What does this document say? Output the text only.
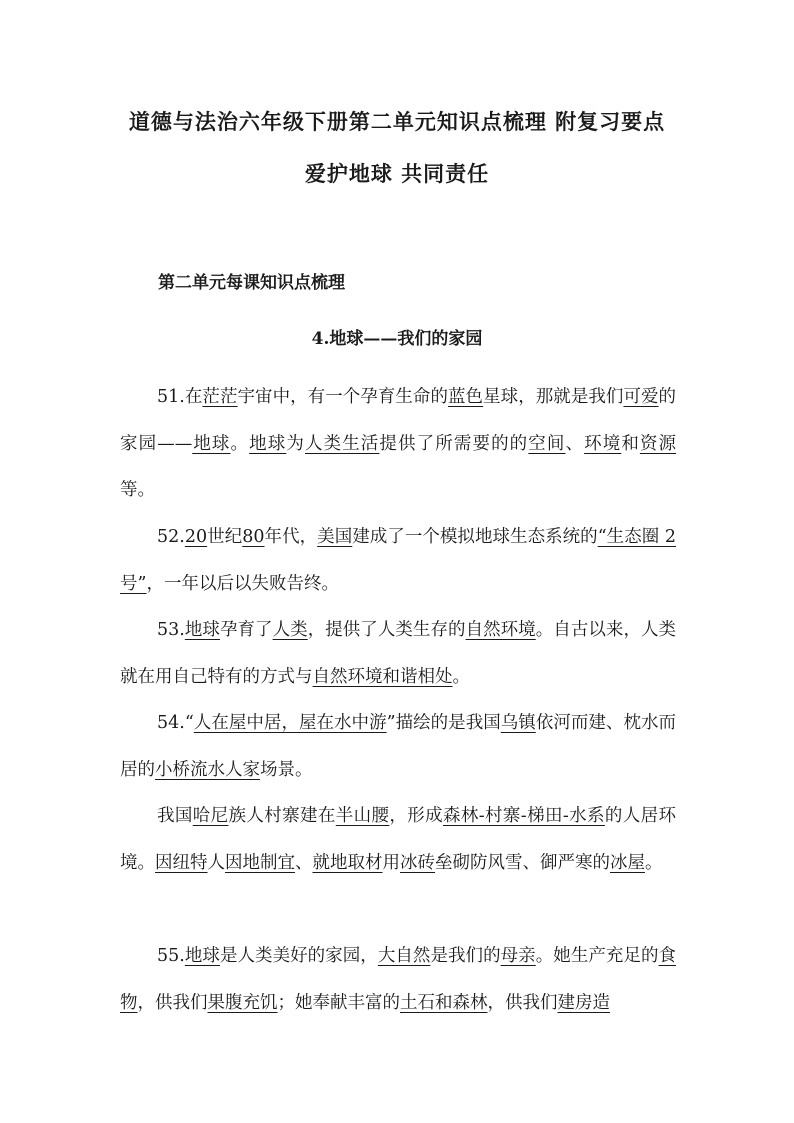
道德与法治六年级下册第二单元知识点梳理 附复习要点
爱护地球 共同责任
第二单元每课知识点梳理
4.地球——我们的家园

51.在茫茫宇宙中，有一个孕育生命的蓝色星球，那就是我们可爱的家园——地球。地球为人类生活提供了所需要的的空间、环境和资源等。

52.20世纪80年代，美国建成了一个模拟地球生态系统的“生态圈 2 号”，一年以后以失败告终。

53.地球孕育了人类，提供了人类生存的自然环境。自古以来，人类就在用自己特有的方式与自然环境和谐相处。

54.“人在屋中居，屋在水中游”描绘的是我国乌镇依河而建、枕水而居的小桥流水人家场景。

我国哈尼族人村寨建在半山腰，形成森林-村寨-梯田-水系的人居环境。因纽特人因地制宜、就地取材用冰砖垒砌防风雪、御严寒的冰屋。

55.地球是人类美好的家园，大自然是我们的母亲。她生产充足的食物，供我们果腹充饥；她奉献丰富的土石和森林，供我们建房造
